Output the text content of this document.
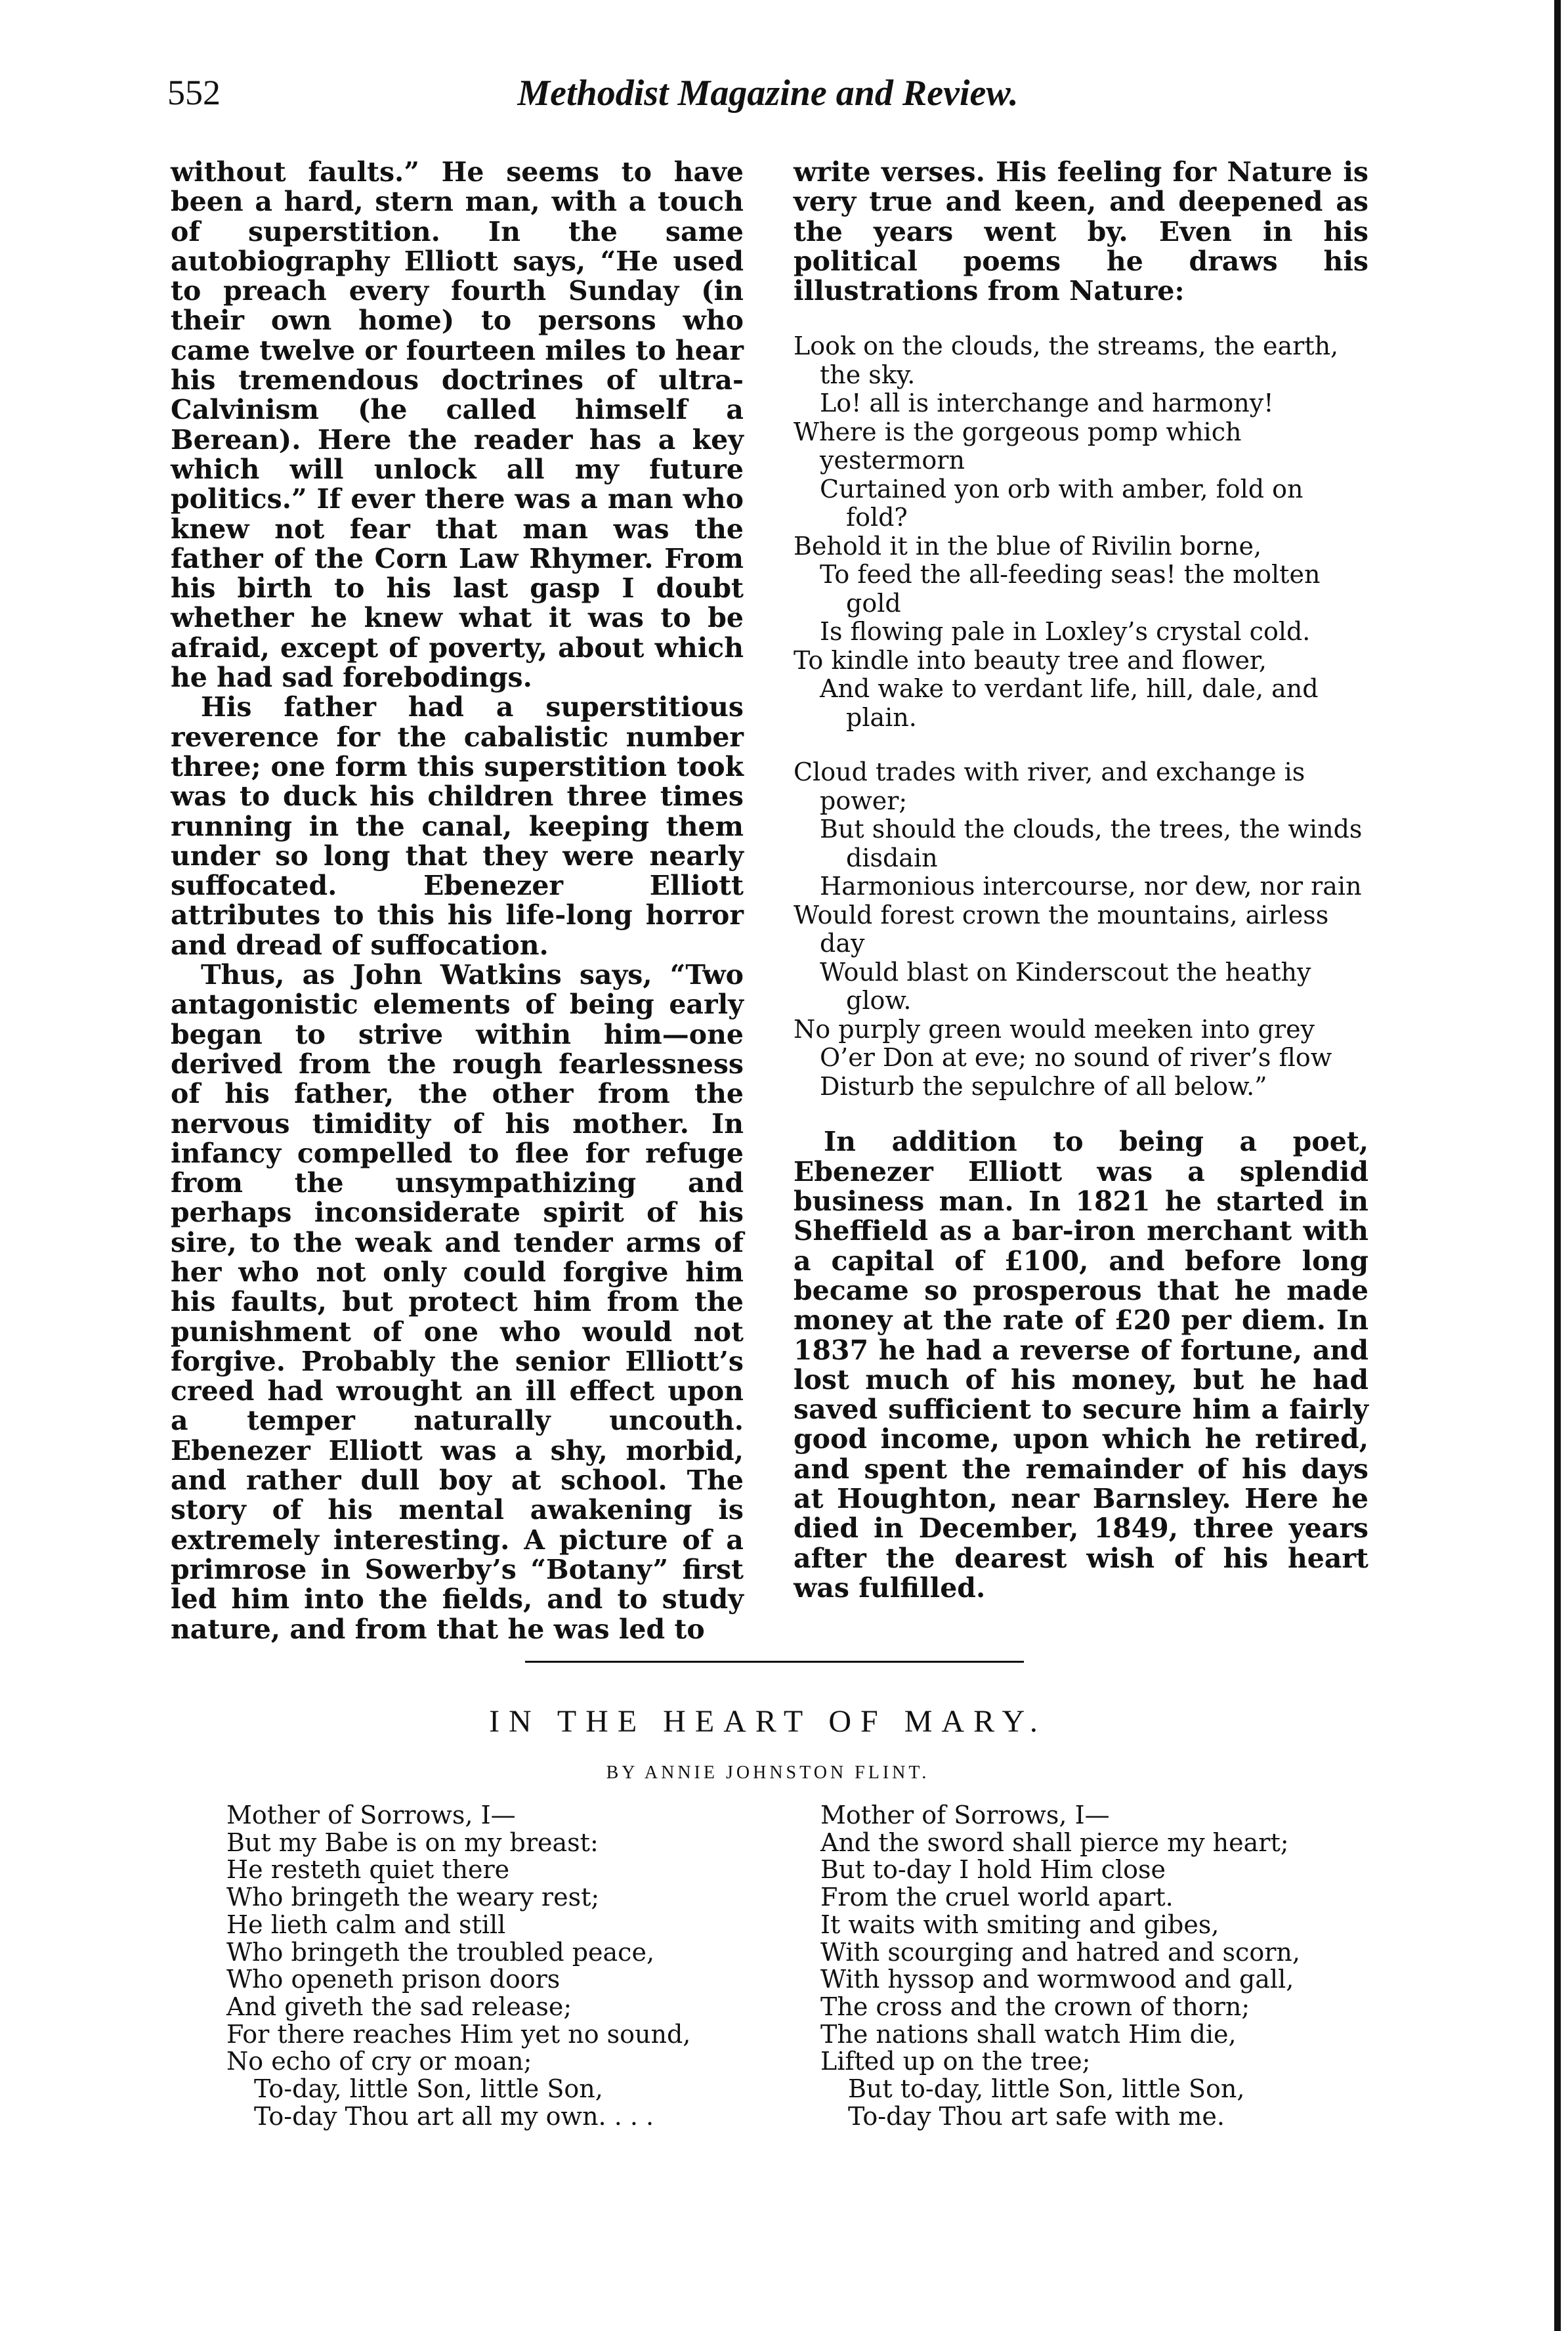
552	Methodist Magazine and Review.

without faults.” He seems to have been a hard, stern man, with a touch of superstition. In the same autobiography Elliott says, “He used to preach every fourth Sunday (in their own home) to persons who came twelve or fourteen miles to hear his tremendous doctrines of ultra-Calvinism (he called himself a Berean). Here the reader has a key which will unlock all my future politics.” If ever there was a man who knew not fear that man was the father of the Corn Law Rhymer. From his birth to his last gasp I doubt whether he knew what it was to be afraid, except of poverty, about which he had sad forebodings.

His father had a superstitious reverence for the cabalistic number three; one form this superstition took was to duck his children three times running in the canal, keeping them under so long that they were nearly suffocated. Ebenezer Elliott attributes to this his life-long horror and dread of suffocation.

Thus, as John Watkins says, “Two antagonistic elements of being early began to strive within him—one derived from the rough fearlessness of his father, the other from the nervous timidity of his mother. In infancy compelled to flee for refuge from the unsympathizing and perhaps inconsiderate spirit of his sire, to the weak and tender arms of her who not only could forgive him his faults, but protect him from the punishment of one who would not forgive. Probably the senior Elliott’s creed had wrought an ill effect upon a temper naturally uncouth. Ebenezer Elliott was a shy, morbid, and rather dull boy at school. The story of his mental awakening is extremely interesting. A picture of a primrose in Sowerby’s “Botany” first led him into the fields, and to study nature, and from that he was led to

write verses. His feeling for Nature is very true and keen, and deepened as the years went by. Even in his political poems he draws his illustrations from Nature:

Look on the clouds, the streams, the earth, the sky.
Lo! all is interchange and harmony!
Where is the gorgeous pomp which yestermorn
Curtained yon orb with amber, fold on fold?
Behold it in the blue of Rivilin borne,
To feed the all-feeding seas! the molten gold
Is flowing pale in Loxley’s crystal cold.
To kindle into beauty tree and flower,
And wake to verdant life, hill, dale, and plain.
Cloud trades with river, and exchange is power;
But should the clouds, the trees, the winds disdain
Harmonious intercourse, nor dew, nor rain
Would forest crown the mountains, airless day
Would blast on Kinderscout the heathy glow.
No purply green would meeken into grey
O’er Don at eve; no sound of river’s flow
Disturb the sepulchre of all below.”

In addition to being a poet, Ebenezer Elliott was a splendid business man. In 1821 he started in Sheffield as a bar-iron merchant with a capital of £100, and before long became so prosperous that he made money at the rate of £20 per diem. In 1837 he had a reverse of fortune, and lost much of his money, but he had saved sufficient to secure him a fairly good income, upon which he retired, and spent the remainder of his days at Houghton, near Barnsley. Here he died in December, 1849, three years after the dearest wish of his heart was fulfilled.

IN THE HEART OF MARY.
BY ANNIE JOHNSTON FLINT.
Mother of Sorrows, I—
But my Babe is on my breast:
He resteth quiet there
Who bringeth the weary rest;
He lieth calm and still
Who bringeth the troubled peace,
Who openeth prison doors
And giveth the sad release;
For there reaches Him yet no sound,
No echo of cry or moan;
To-day, little Son, little Son,
To-day Thou art all my own. . . .
Mother of Sorrows, I—
And the sword shall pierce my heart;
But to-day I hold Him close
From the cruel world apart.
It waits with smiting and gibes,
With scourging and hatred and scorn,
With hyssop and wormwood and gall,
The cross and the crown of thorn;
The nations shall watch Him die,
Lifted up on the tree;
But to-day, little Son, little Son,
To-day Thou art safe with me.
